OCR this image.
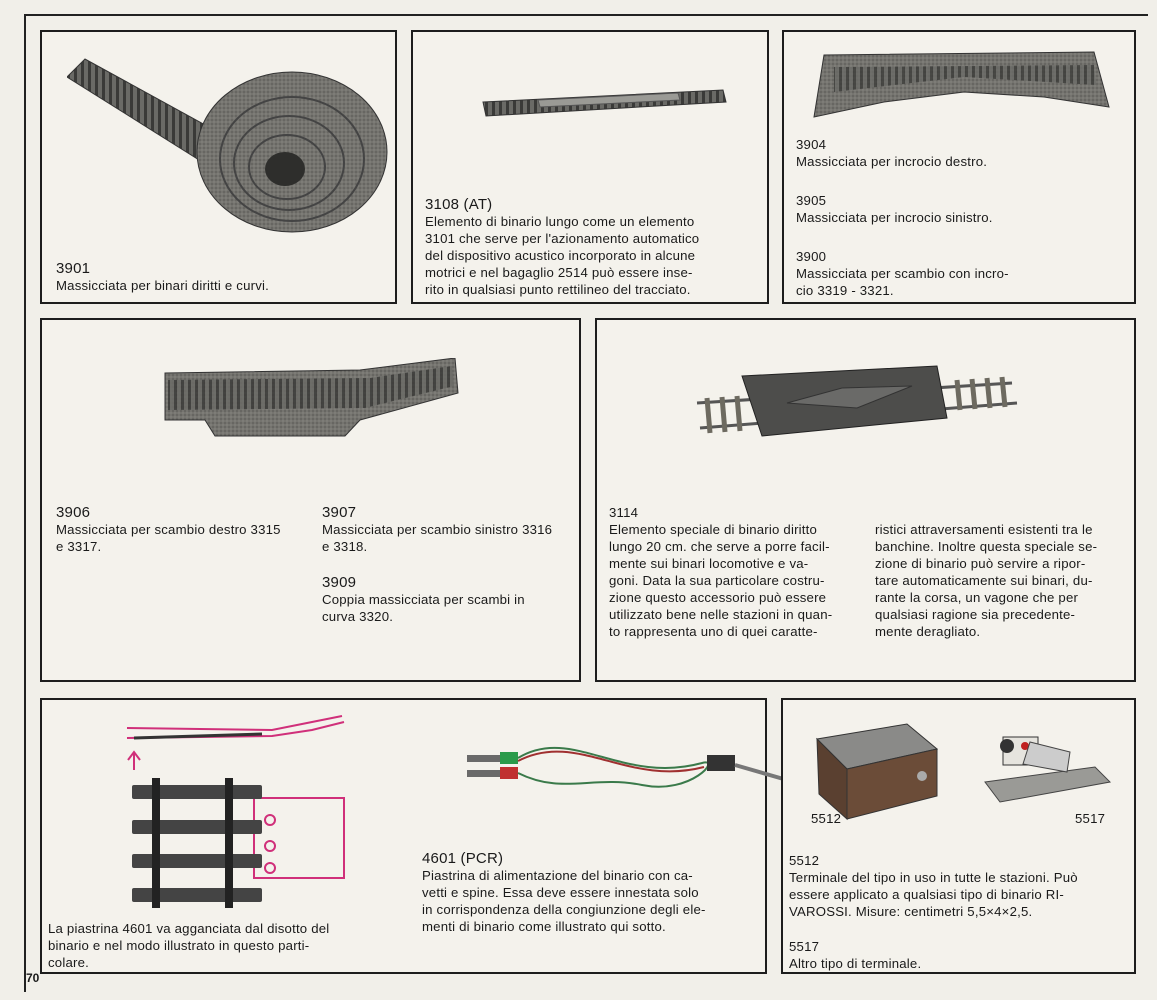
3901
Massicciata per binari diritti e curvi.
3108 (AT)
Elemento di binario lungo come un elemento
3101 che serve per l'azionamento automatico
del dispositivo acustico incorporato in alcune
motrici e nel bagaglio 2514 può essere inse-
rito in qualsiasi punto rettilineo del tracciato.
3904
Massicciata per incrocio destro.
3905
Massicciata per incrocio sinistro.
3900
Massicciata per scambio con incro-
cio 3319 - 3321.
3906
Massicciata per scambio destro 3315
e 3317.
3907
Massicciata per scambio sinistro 3316
e 3318.
3909
Coppia massicciata per scambi in
curva 3320.
3114
Elemento speciale di binario diritto
lungo 20 cm. che serve a porre facil-
mente sui binari locomotive e va-
goni. Data la sua particolare costru-
zione questo accessorio può essere
utilizzato bene nelle stazioni in quan-
to rappresenta uno di quei caratte-
ristici attraversamenti esistenti tra le
banchine. Inoltre questa speciale se-
zione di binario può servire a ripor-
tare automaticamente sui binari, du-
rante la corsa, un vagone che per
qualsiasi ragione sia precedente-
mente deragliato.
La piastrina 4601 va agganciata dal disotto del
binario e nel modo illustrato in questo parti-
colare.
4601 (PCR)
Piastrina di alimentazione del binario con ca-
vetti e spine. Essa deve essere innestata solo
in corrispondenza della congiunzione degli ele-
menti di binario come illustrato qui sotto.
5512	5517
5512
Terminale del tipo in uso in tutte le stazioni. Può
essere applicato a qualsiasi tipo di binario RI-
VAROSSI. Misure: centimetri 5,5×4×2,5.
5517
Altro tipo di terminale.
70
